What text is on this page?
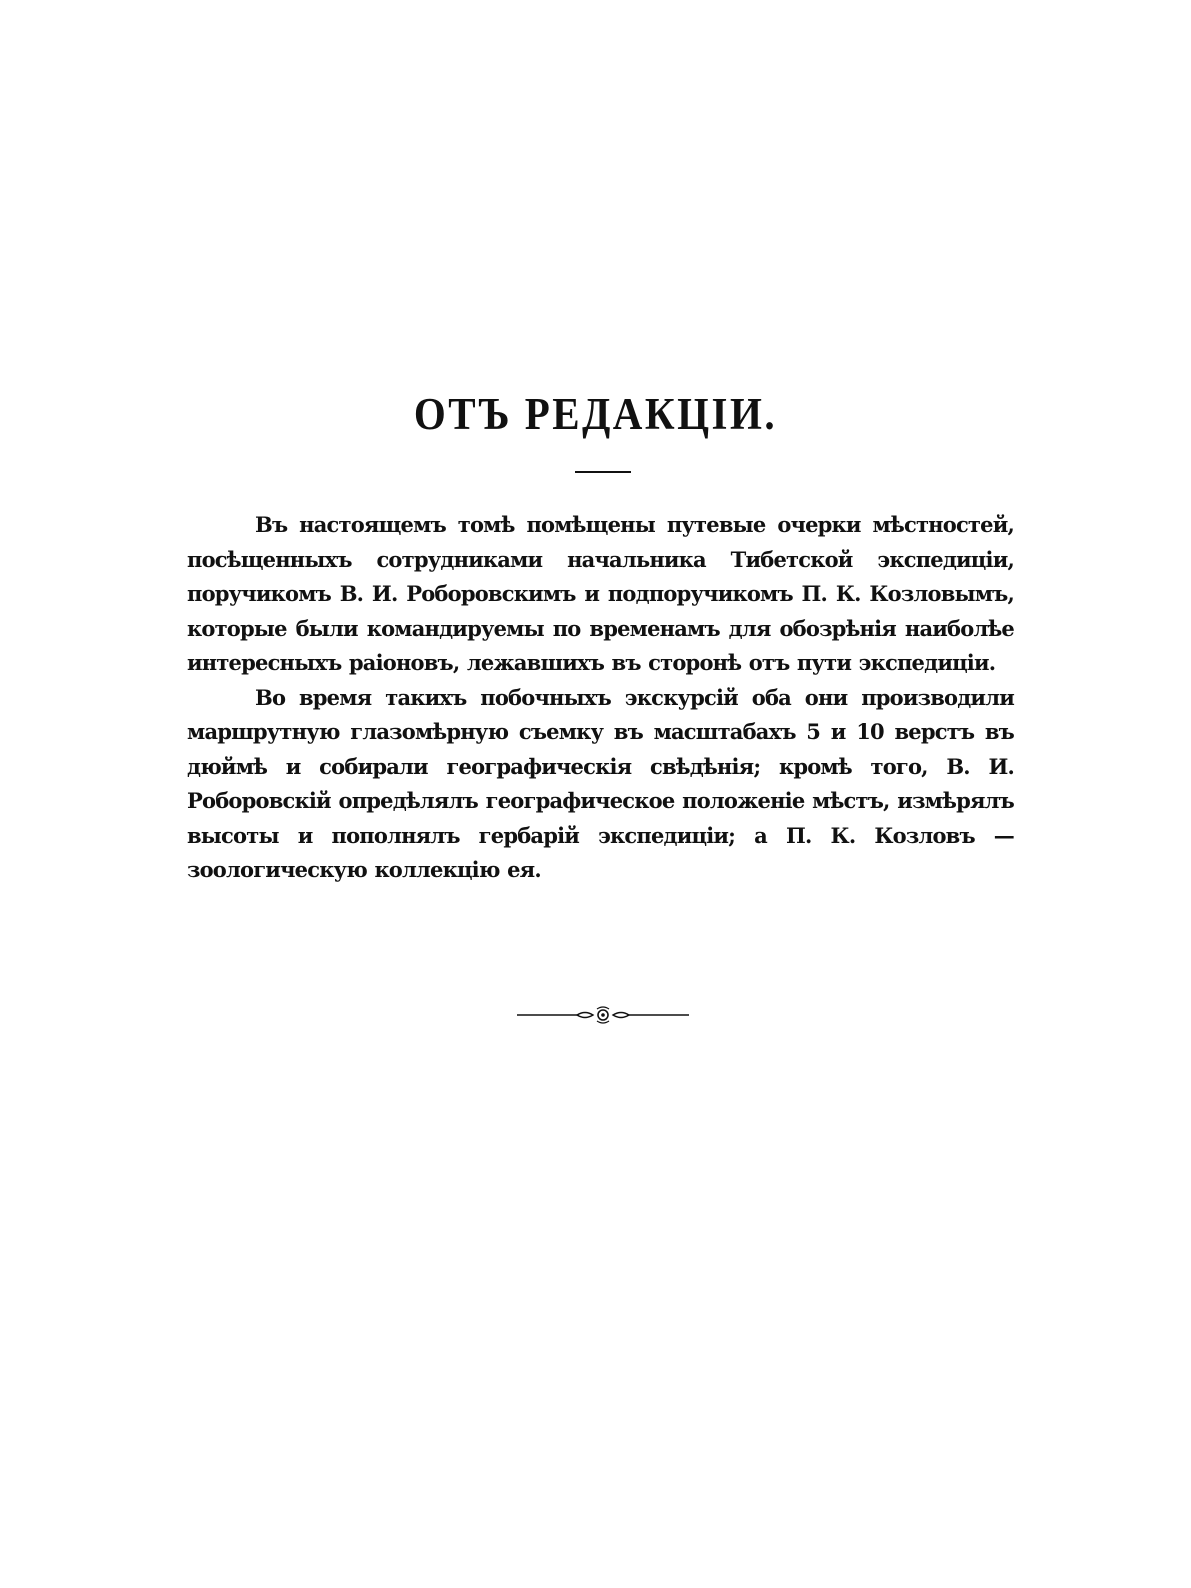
ОТЪ РЕДАКЦІИ.

Въ настоящемъ томѣ помѣщены путевые очерки мѣстностей, посѣщенныхъ сотрудниками начальника Тибетской экспедиціи, поручикомъ В. И. Роборовскимъ и подпоручикомъ П. К. Козловымъ, которые были командируемы по временамъ для обозрѣнія наиболѣе интересныхъ раіоновъ, лежавшихъ въ сторонѣ отъ пути экспедиціи.

Во время такихъ побочныхъ экскурсій оба они производили маршрутную глазомѣрную съемку въ масштабахъ 5 и 10 верстъ въ дюймѣ и собирали географическія свѣдѣнія; кромѣ того, В. И. Роборовскій опредѣлялъ географическое положеніе мѣстъ, измѣрялъ высоты и пополнялъ гербарій экспедиціи; а П. К. Козловъ — зоологическую коллекцію ея.
